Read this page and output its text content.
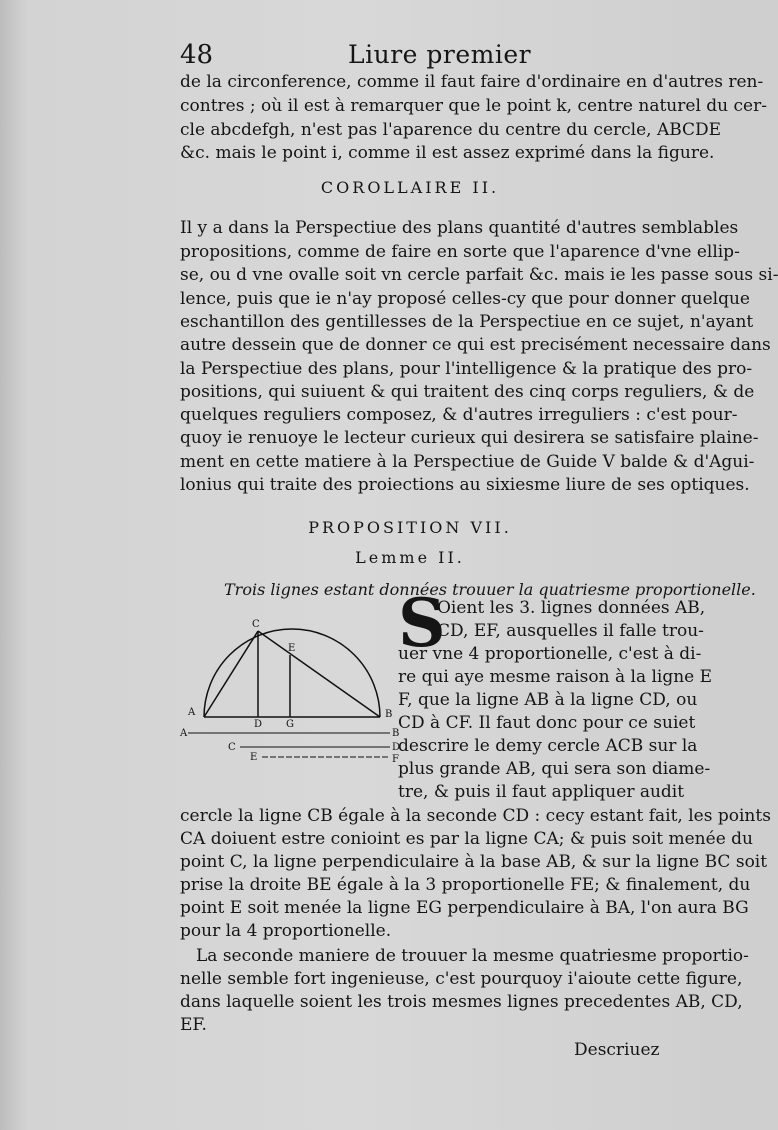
48	Liure premier

de la circonference, comme il faut faire d'ordinaire en d'autres ren-

contres ; où il est à remarquer que le point k, centre naturel du cer-

cle abcdefgh, n'est pas l'aparence du centre du cercle, ABCDE

&c. mais le point i, comme il est assez exprimé dans la figure.

COROLLAIRE II.

Il y a dans la Perspectiue des plans quantité d'autres semblables

propositions, comme de faire en sorte que l'aparence d'vne ellip-

se, ou d vne ovalle soit vn cercle parfait &c. mais ie les passe sous si-

lence, puis que ie n'ay proposé celles-cy que pour donner quelque

eschantillon des gentillesses de la Perspectiue en ce sujet, n'ayant

autre dessein que de donner ce qui est precisément necessaire dans

la Perspectiue des plans, pour l'intelligence & la pratique des pro-

positions, qui suiuent & qui traitent des cinq corps reguliers, & de

quelques reguliers composez, & d'autres irreguliers : c'est pour-

quoy ie renuoye le lecteur curieux qui desirera se satisfaire plaine-

ment en cette matiere à la Perspectiue de Guide V balde & d'Agui-

lonius qui traite des proiections au sixiesme liure de ses optiques.

PROPOSITION VII.

Lemme II.

Trois lignes estant données trouuer la quatriesme proportionelle.

A	B
C
D G
E
A	B
C	D
E	F
S

Oient les 3. lignes données AB,

CD, EF, ausquelles il falle trou-

uer vne 4 proportionelle, c'est à di-

re qui aye mesme raison à la ligne E

F, que la ligne AB à la ligne CD, ou

CD à CF. Il faut donc pour ce suiet

descrire le demy cercle ACB sur la

plus grande AB, qui sera son diame-

tre, & puis il faut appliquer audit

cercle la ligne CB égale à la seconde CD : cecy estant fait, les points

CA doiuent estre conioint es par la ligne CA; & puis soit menée du

point C, la ligne perpendiculaire à la base AB, & sur la ligne BC soit

prise la droite BE égale à la 3 proportionelle FE; & finalement, du

point E soit menée la ligne EG perpendiculaire à BA, l'on aura BG

pour la 4 proportionelle.

La seconde maniere de trouuer la mesme quatriesme proportio-

nelle semble fort ingenieuse, c'est pourquoy i'aioute cette figure,

dans laquelle soient les trois mesmes lignes precedentes AB, CD,

EF.

Descriuez
